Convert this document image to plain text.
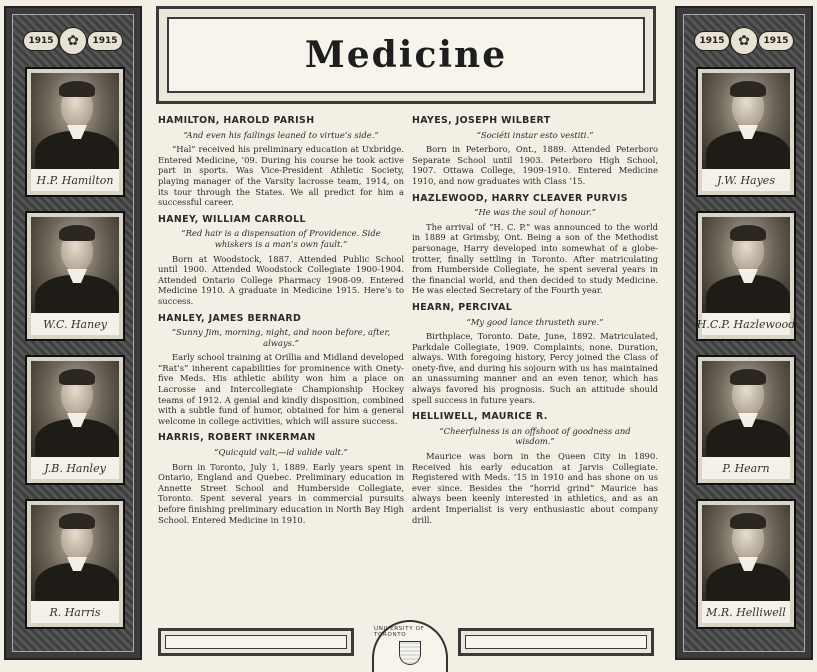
1915 ✿	1915
H.P. Hamilton
W.C. Haney
J.B. Hanley
R. Harris
Medicine
HAMILTON, HAROLD PARISH
“And even his failings leaned to virtue’s side.”

“Hal” received his preliminary education at Uxbridge. Entered Medicine, ’09. During his course he took active part in sports. Was Vice-President Athletic Society, playing manager of the Varsity lacrosse team, 1914, on its tour through the States. We all predict for him a successful career.

HANEY, WILLIAM CARROLL
“Red hair is a dispensation of Providence. Side whiskers is a man’s own fault.”

Born at Woodstock, 1887. Attended Public School until 1900. Attended Woodstock Collegiate 1900-1904. Attended Ontario College Pharmacy 1908-09. Entered Medicine 1910. A graduate in Medicine 1915. Here’s to success.

HANLEY, JAMES BERNARD
“Sunny Jim, morning, night, and noon before, after, always.”

Early school training at Orillia and Midland developed “Rat’s” inherent capabilities for prominence with Onety-five Meds. His athletic ability won him a place on Lacrosse and Intercollegiate Championship Hockey teams of 1912. A genial and kindly disposition, combined with a subtle fund of humor, obtained for him a general welcome in college activities, which will assure success.

HARRIS, ROBERT INKERMAN
“Quicquid valt,—id valide valt.”

Born in Toronto, July 1, 1889. Early years spent in Ontario, England and Quebec. Preliminary education in Annette Street School and Humberside Collegiate, Toronto. Spent several years in commercial pursuits before finishing preliminary education in North Bay High School. Entered Medicine in 1910.

HAYES, JOSEPH WILBERT
“Sociéti instar esto vestiti.”

Born in Peterboro, Ont., 1889. Attended Peterboro Separate School until 1903. Peterboro High School, 1907. Ottawa College, 1909-1910. Entered Medicine 1910, and now graduates with Class ’15.

HAZLEWOOD, HARRY CLEAVER PURVIS
“He was the soul of honour.”

The arrival of “H. C. P.” was announced to the world in 1889 at Grimsby, Ont. Being a son of the Methodist parsonage, Harry developed into somewhat of a globe-trotter, finally settling in Toronto. After matriculating from Humberside Collegiate, he spent several years in the financial world, and then decided to study Medicine. He was elected Secretary of the Fourth year.

HEARN, PERCIVAL
“My good lance thrusteth sure.”

Birthplace, Toronto. Date, June, 1892. Matriculated, Parkdale Collegiate, 1909. Complaints, none. Duration, always. With foregoing history, Percy joined the Class of onety-five, and during his sojourn with us has maintained an unassuming manner and an even tenor, which has always favored his prognosis. Such an attitude should spell success in future years.

HELLIWELL, MAURICE R.
“Cheerfulness is an offshoot of goodness and wisdom.”

Maurice was born in the Queen City in 1890. Received his early education at Jarvis Collegiate. Registered with Meds. ’15 in 1910 and has shone on us ever since. Besides the “horrid grind” Maurice has always been keenly interested in athletics, and as an ardent Imperialist is very enthusiastic about company drill.

UNIVERSITY OF TORONTO
1915 ✿	1915
J.W. Hayes
H.C.P. Hazlewood
P. Hearn
M.R. Helliwell
